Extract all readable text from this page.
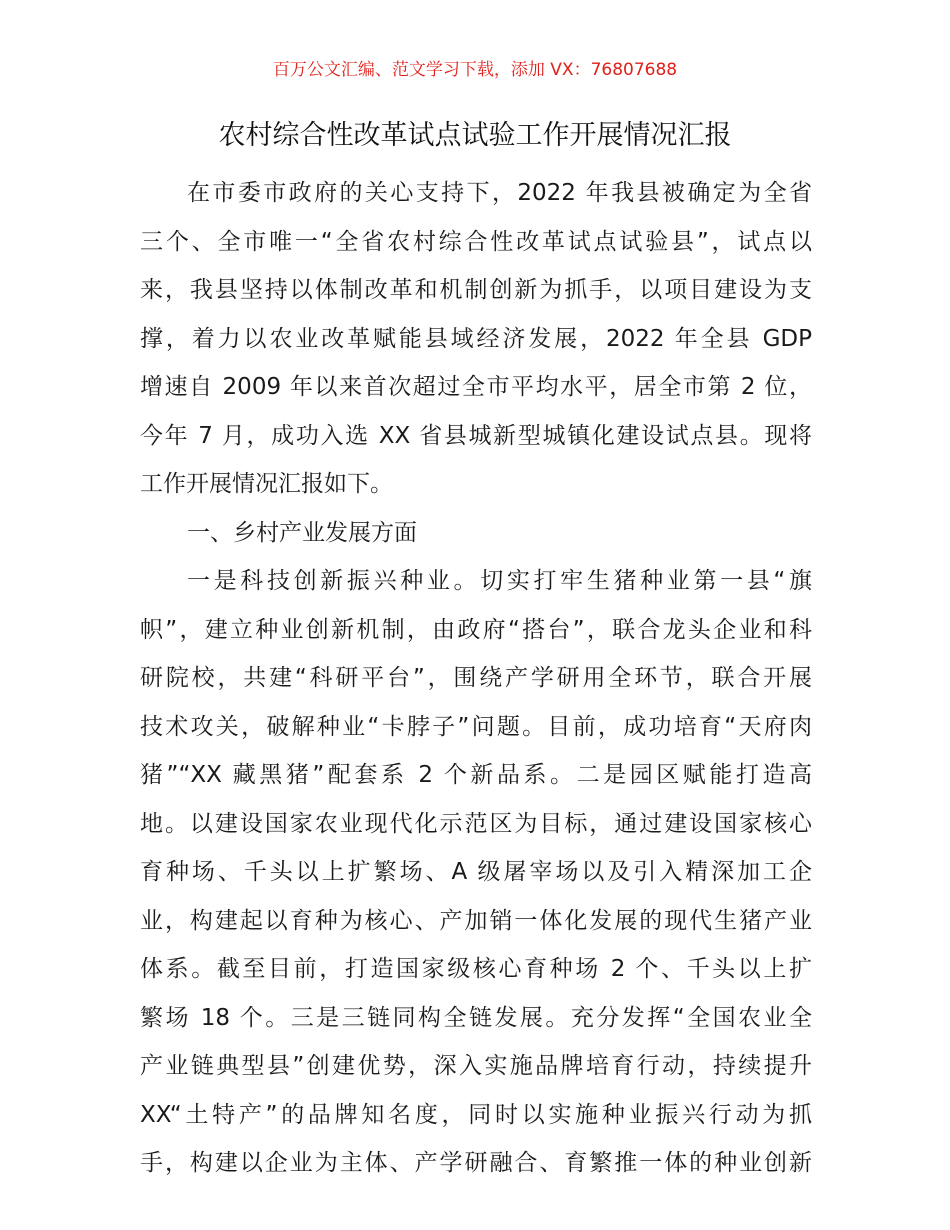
百万公文汇编、范文学习下载，添加 VX：76807688
农村综合性改革试点试验工作开展情况汇报
在市委市政府的关心支持下，2022 年我县被确定为全省
三个、全市唯一“全省农村综合性改革试点试验县”，试点以
来，我县坚持以体制改革和机制创新为抓手，以项目建设为支
撑，着力以农业改革赋能县域经济发展，2022 年全县 GDP
增速自 2009 年以来首次超过全市平均水平，居全市第 2 位，
今年 7 月，成功入选 XX 省县城新型城镇化建设试点县。现将
工作开展情况汇报如下。
一、乡村产业发展方面
一是科技创新振兴种业。切实打牢生猪种业第一县“旗
帜”，建立种业创新机制，由政府“搭台”，联合龙头企业和科
研院校，共建“科研平台”，围绕产学研用全环节，联合开展
技术攻关，破解种业“卡脖子”问题。目前，成功培育“天府肉
猪”“XX 藏黑猪”配套系 2 个新品系。二是园区赋能打造高
地。以建设国家农业现代化示范区为目标，通过建设国家核心
育种场、千头以上扩繁场、A 级屠宰场以及引入精深加工企
业，构建起以育种为核心、产加销一体化发展的现代生猪产业
体系。截至目前，打造国家级核心育种场 2 个、千头以上扩
繁场 18 个。三是三链同构全链发展。充分发挥“全国农业全
产业链典型县”创建优势，深入实施品牌培育行动，持续提升
XX“土特产”的品牌知名度，同时以实施种业振兴行动为抓
手，构建以企业为主体、产学研融合、育繁推一体的种业创新
